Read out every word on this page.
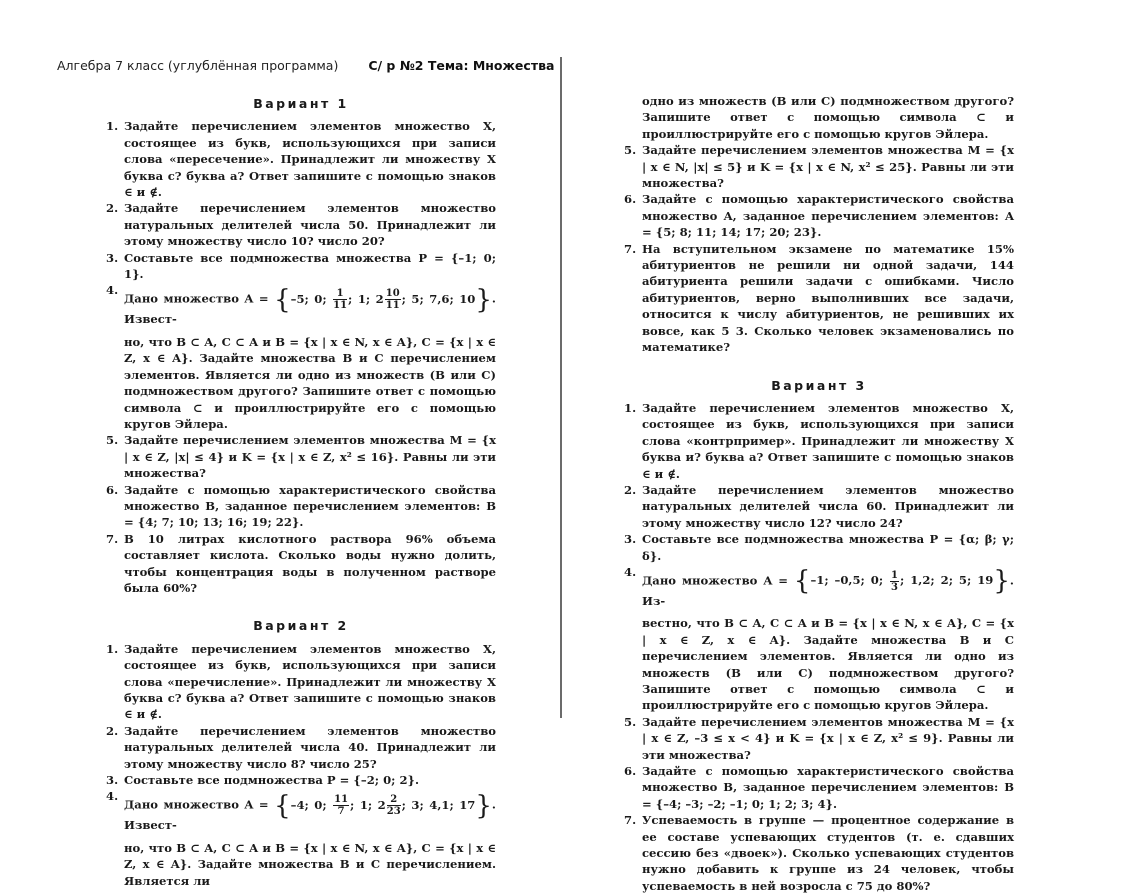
Алгебра 7 класс (углублённая программа) С/ р №2 Тема: Множества
Вариант 1

1. Задайте перечислением элементов множество X, состоящее из букв, использующихся при записи слова «пересечение». Принадлежит ли множеству X буква с? буква а? Ответ запишите с помощью знаков ∈ и ∉.

2. Задайте перечислением элементов множество натуральных делителей числа 50. Принадлежит ли этому множеству число 10? число 20?

3. Составьте все подмножества множества P = {–1; 0; 1}.

4.
Дано множество A = {–5; 0; $\frac{1}{11}$ ; 1; $2 \frac{10}{11}$ ; 5; 7,6; 10}. Извест-
но, что B ⊂ A, C ⊂ A и B = {x | x ∈ N, x ∈ A}, C = {x | x ∈ Z, x ∈ A}. Задайте множества B и C перечислением элементов. Является ли одно из множеств (B или C) подмножеством другого? Запишите ответ с помощью символа ⊂ и проиллюстрируйте его с помощью кругов Эйлера.

5. Задайте перечислением элементов множества M = {x | x ∈ Z, |x| ≤ 4} и K = {x | x ∈ Z, x² ≤ 16}. Равны ли эти множества?

6. Задайте с помощью характеристического свойства множество B, заданное перечислением элементов: B = {4; 7; 10; 13; 16; 19; 22}.

7. В 10 литрах кислотного раствора 96% объема составляет кислота. Сколько воды нужно долить, чтобы концентрация воды в полученном растворе была 60%?

Вариант 2

1. Задайте перечислением элементов множество X, состоящее из букв, использующихся при записи слова «перечисление». Принадлежит ли множеству X буква с? буква а? Ответ запишите с помощью знаков ∈ и ∉.

2. Задайте перечислением элементов множество натуральных делителей числа 40. Принадлежит ли этому множеству число 8? число 25?

3. Составьте все подмножества P = {–2; 0; 2}.

4.
Дано множество A = {–4; 0; $\frac{11}{7}$ ; 1; $2 \frac{2}{23}$ ; 3; 4,1; 17}. Извест-
но, что B ⊂ A, C ⊂ A и B = {x | x ∈ N, x ∈ A}, C = {x | x ∈ Z, x ∈ A}. Задайте множества B и C перечислением. Является ли

одно из множеств (B или C) подмножеством другого? Запишите ответ с помощью символа ⊂ и проиллюстрируйте его с помощью кругов Эйлера.

5. Задайте перечислением элементов множества M = {x | x ∈ N, |x| ≤ 5} и K = {x | x ∈ N, x² ≤ 25}. Равны ли эти множества?

6. Задайте с помощью характеристического свойства множество A, заданное перечислением элементов: A = {5; 8; 11; 14; 17; 20; 23}.

7. На вступительном экзамене по математике 15% абитуриентов не решили ни одной задачи, 144 абитуриента решили задачи с ошибками. Число абитуриентов, верно выполнивших все задачи, относится к числу абитуриентов, не решивших их вовсе, как 5 3. Сколько человек экзаменовались по математике?

Вариант 3

1. Задайте перечислением элементов множество X, состоящее из букв, использующихся при записи слова «контрпример». Принадлежит ли множеству X буква и? буква а? Ответ запишите с помощью знаков ∈ и ∉.

2. Задайте перечислением элементов множество натуральных делителей числа 60. Принадлежит ли этому множеству число 12? число 24?

3. Составьте все подмножества множества P = {α; β; γ; δ}.

4.
Дано множество A = {–1; –0,5; 0; $\frac{1}{3}$ ; 1,2; 2; 5; 19}. Из-
вестно, что B ⊂ A, C ⊂ A и B = {x | x ∈ N, x ∈ A}, C = {x | x ∈ Z, x ∈ A}. Задайте множества B и C перечислением элементов. Является ли одно из множеств (B или C) подмножеством другого? Запишите ответ с помощью символа ⊂ и проиллюстрируйте его с помощью кругов Эйлера.

5. Задайте перечислением элементов множества M = {x | x ∈ Z, –3 ≤ x < 4} и K = {x | x ∈ Z, x² ≤ 9}. Равны ли эти множества?

6. Задайте с помощью характеристического свойства множество B, заданное перечислением элементов: B = {–4; –3; –2; –1; 0; 1; 2; 3; 4}.

7. Успеваемость в группе — процентное содержание в ее составе успевающих студентов (т. е. сдавших сессию без «двоек»). Сколько успевающих студентов нужно добавить к группе из 24 человек, чтобы успеваемость в ней возросла с 75 до 80%?
